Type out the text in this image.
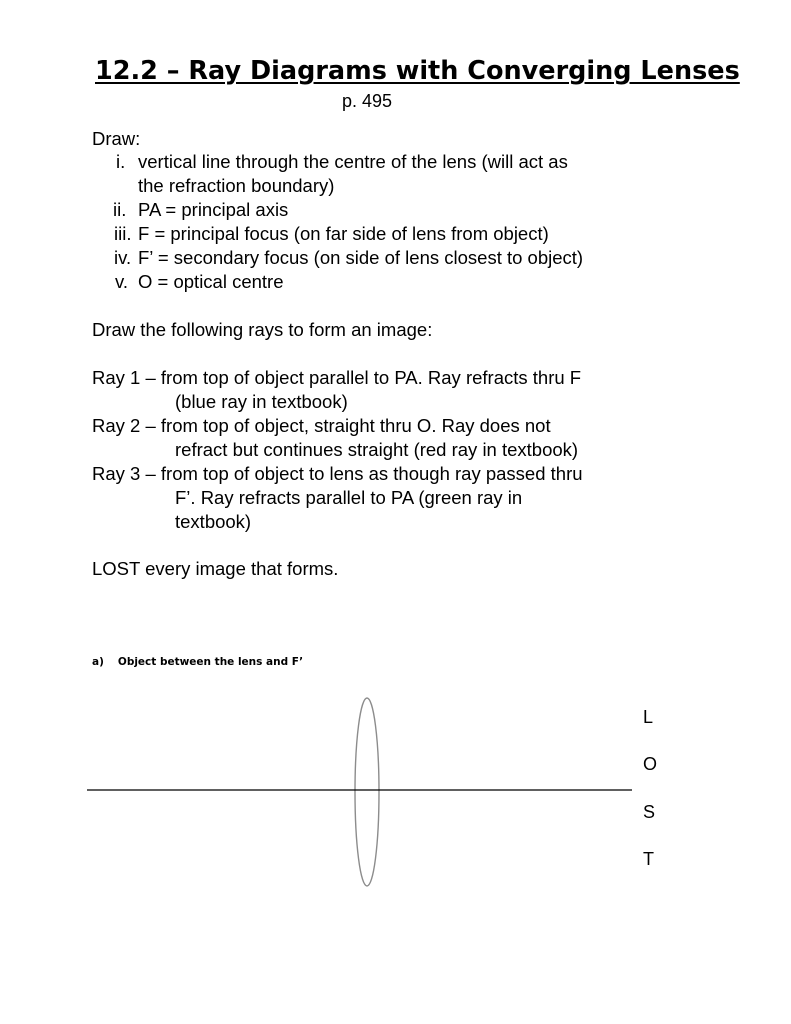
12.2 – Ray Diagrams with Converging Lenses
p. 495
Draw:
i. vertical line through the centre of the lens (will act as
the refraction boundary)
ii. PA = principal axis
iii. F = principal focus (on far side of lens from object)
iv. F’ = secondary focus (on side of lens closest to object)
v. O = optical centre
Draw the following rays to form an image:
Ray 1 – from top of object parallel to PA. Ray refracts thru F
(blue ray in textbook)
Ray 2 – from top of object, straight thru O. Ray does not
refract but continues straight (red ray in textbook)
Ray 3 – from top of object to lens as though ray passed thru
F’. Ray refracts parallel to PA (green ray in
textbook)
LOST every image that forms.
a) Object between the lens and F’
L
O
S
T
